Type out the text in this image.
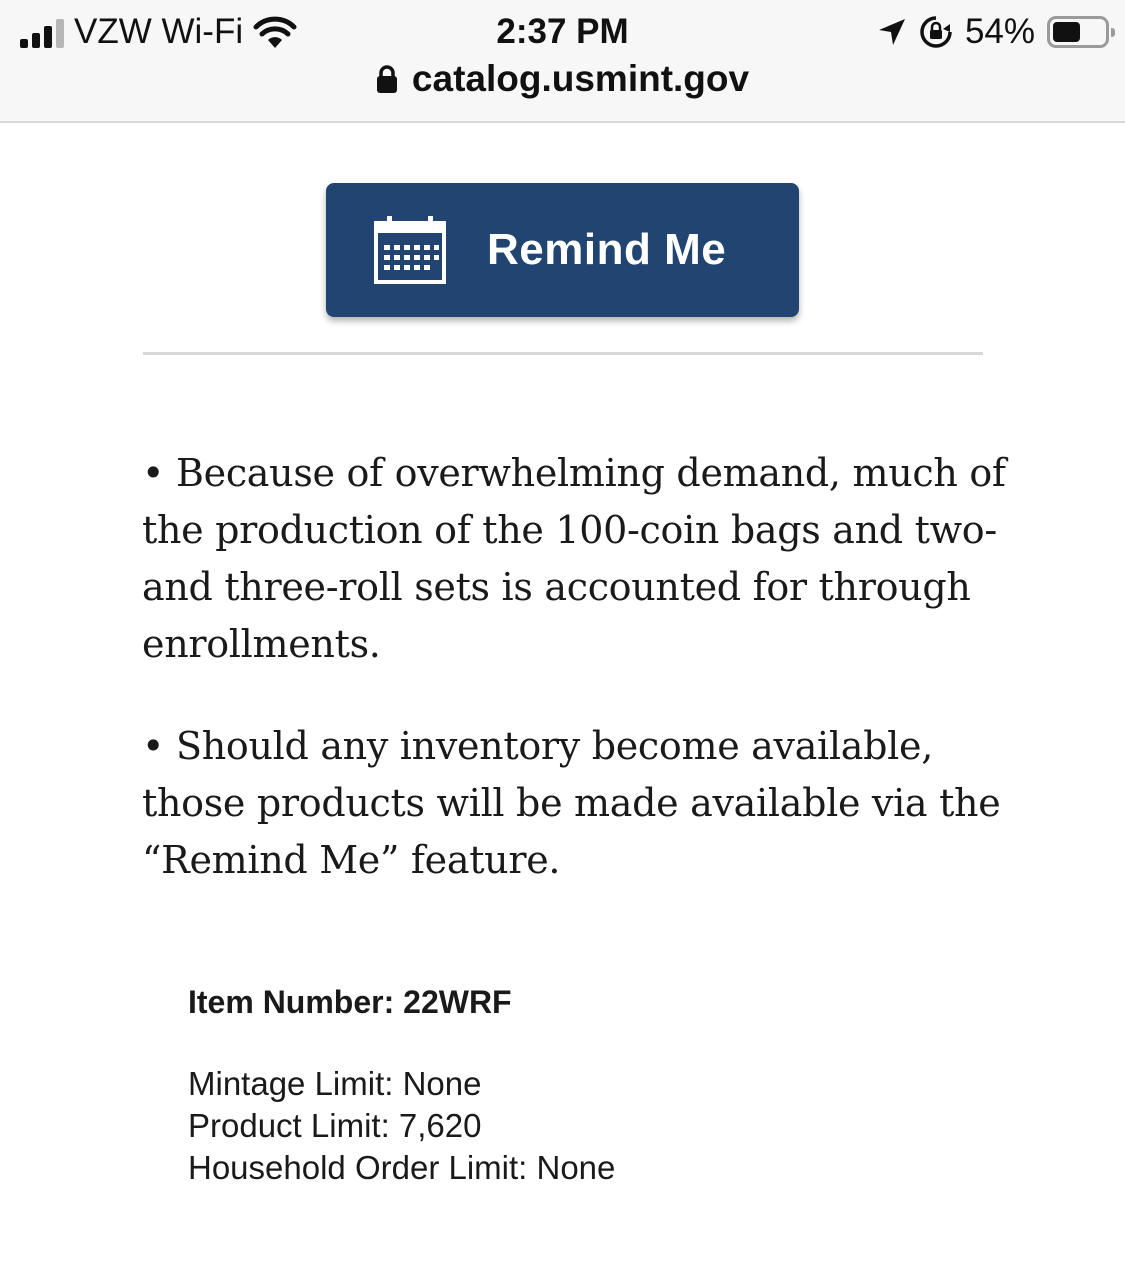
VZW Wi-Fi	2:37 PM	54%
catalog.usmint.gov
Remind Me

• Because of overwhelming demand, much of the production of the 100-coin bags and two- and three-roll sets is accounted for through enrollments.

• Should any inventory become available, those products will be made available via the “Remind Me” feature.

Item Number: 22WRF
Mintage Limit: None
Product Limit: 7,620
Household Order Limit: None
